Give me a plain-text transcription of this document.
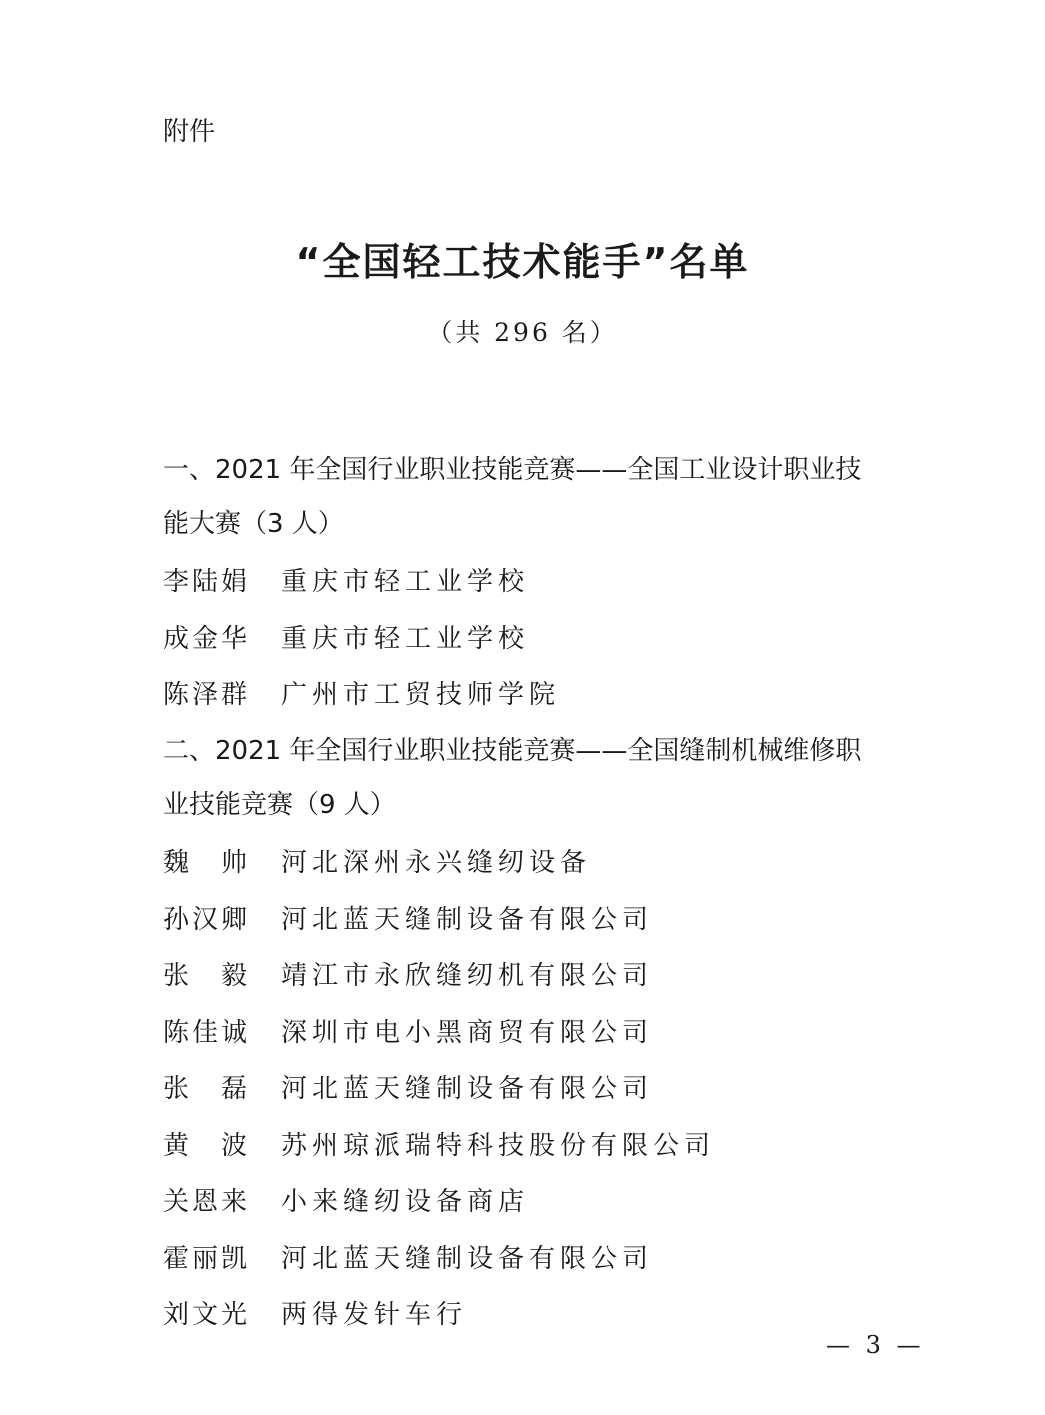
附件
“全国轻工技术能手”名单
（共 296 名）
一、2021 年全国行业职业技能竞赛——全国工业设计职业技
能大赛（3 人）
李陆娟	重庆市轻工业学校
成金华	重庆市轻工业学校
陈泽群	广州市工贸技师学院
二、2021 年全国行业职业技能竞赛——全国缝制机械维修职
业技能竞赛（9 人）
魏　帅	河北深州永兴缝纫设备
孙汉卿	河北蓝天缝制设备有限公司
张　毅	靖江市永欣缝纫机有限公司
陈佳诚	深圳市电小黑商贸有限公司
张　磊	河北蓝天缝制设备有限公司
黄　波	苏州琼派瑞特科技股份有限公司
关恩来	小来缝纫设备商店
霍丽凯	河北蓝天缝制设备有限公司
刘文光	两得发针车行
— 3 —
